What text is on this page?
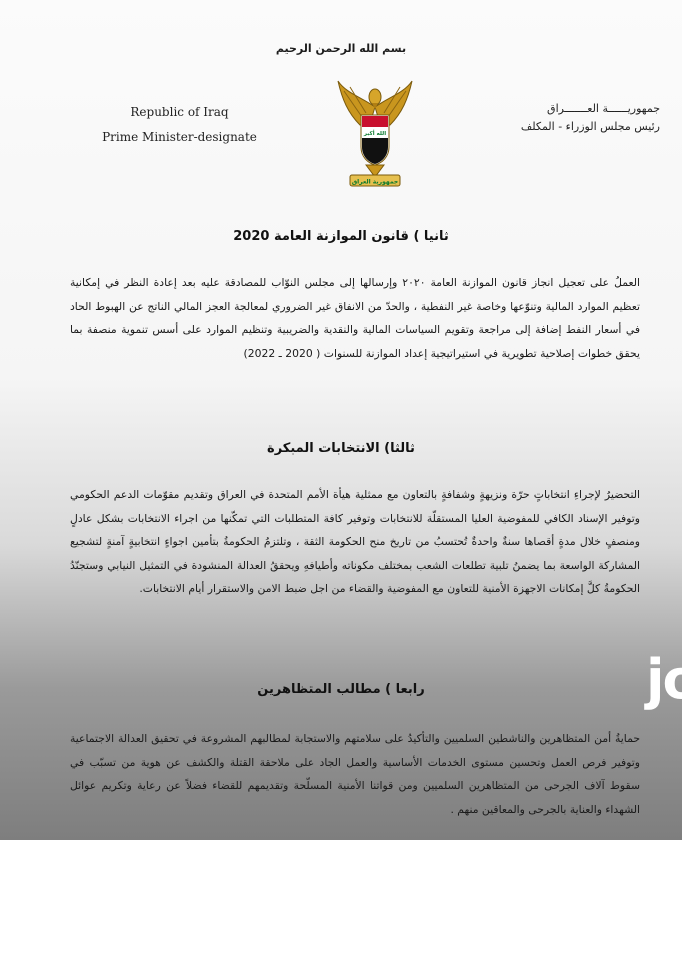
بسم الله الرحمن الرحيم
Republic of Iraq
Prime Minister-designate	الله أكبر
جمهورية العراق
جمهوريــــــة العـــــــراق
رئيس مجلس الوزراء - المكلف
ثانيا ) قانون الموازنة العامة 2020
العملُ على تعجيل انجاز قانون الموازنة العامة ٢٠٢٠ وإرسالها إلى مجلس النوّاب للمصادقة عليه بعد إعادة النظر في إمكانية تعظيم الموارد المالية وتنوّعها وخاصة غير النفطية ، والحدّ من الانفاق غير الضروري لمعالجة العجز المالي الناتج عن الهبوط الحاد في أسعار النفط إضافة إلى مراجعة وتقويم السياسات المالية والنقدية والضريبية وتنظيم الموارد على أسس تنموية منصفة بما يحقق خطوات إصلاحية تطويرية في استيراتيجية إعداد الموازنة للسنوات ( 2020 ـ 2022)
ثالثا) الانتخابات المبكرة
التحضيرُ لإجراءِ انتخاباتٍ حرّة ونزيهةٍ وشفافةٍ بالتعاون مع ممثلية هيأة الأمم المتحدة في العراق وتقديم مقوّمات الدعم الحكومي وتوفير الإسناد الكافي للمفوضية العليا المستقلّة للانتخابات وتوفير كافة المتطلبات التي تمكّنها من اجراء الانتخابات بشكل عادلٍ ومنصفٍ خلال مدةٍ أقصاها سنةٌ واحدةٌ تُحتسبُ من تاريخ منح الحكومة الثقة ، وتلتزمُ الحكومةُ بتأمين اجواءٍ انتخابيةٍ آمنةٍ لتشجيع المشاركة الواسعة بما يضمنُ تلبية تطلعات الشعب بمختلف مكوناته وأطيافهِ ويحققُ العدالة المنشودة في التمثيل النيابي وستجنّدُ الحكومةُ كلَّ إمكانات الاجهزة الأمنية للتعاون مع المفوضية والقضاء من اجل ضبط الامن والاستقرار أيام الانتخابات.
رابعا ) مطالب المتظاهرين
حمايةُ أمن المتظاهرين والناشطين السلميين والتأكيدُ على سلامتهم والاستجابة لمطالبهم المشروعة في تحقيق العدالة الاجتماعية وتوفير فرص العمل وتحسين مستوى الخدمات الأساسية والعمل الجاد على ملاحقة القتلة والكشف عن هوية من تسبّب في سقوط آلاف الجرحى من المتظاهرين السلميين ومن قواتنا الأمنية المسلّحة وتقديمهم للقضاء فضلاً عن رعاية وتكريم عوائل الشهداء والعناية بالجرحى والمعاقين منهم .
jo
